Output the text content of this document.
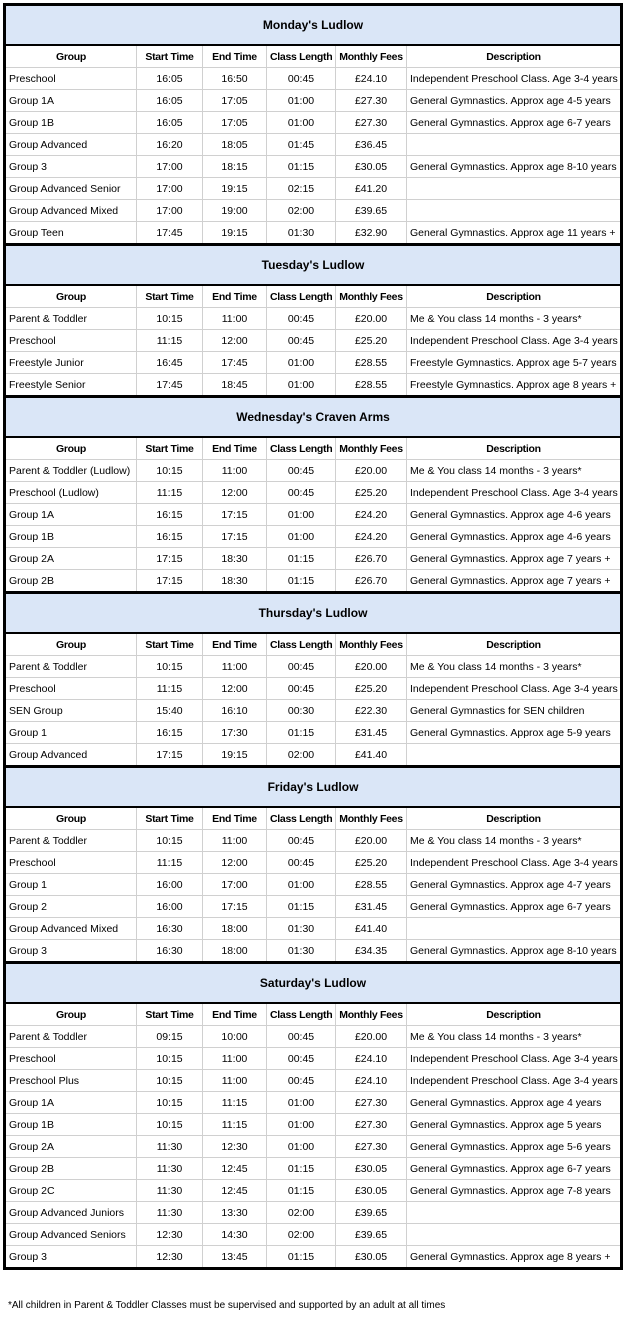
Monday's Ludlow					
Group	Start Time	End Time	Class Length	Monthly Fees	Description
Preschool	16:05	16:50	00:45	£24.10	Independent Preschool Class. Age 3-4 years
Group 1A	16:05	17:05	01:00	£27.30	General Gymnastics. Approx age 4-5 years
Group 1B	16:05	17:05	01:00	£27.30	General Gymnastics. Approx age 6-7 years
Group Advanced	16:20	18:05	01:45	£36.45	
Group 3	17:00	18:15	01:15	£30.05	General Gymnastics. Approx age 8-10 years
Group Advanced Senior	17:00	19:15	02:15	£41.20	
Group Advanced Mixed	17:00	19:00	02:00	£39.65	
Group Teen	17:45	19:15	01:30	£32.90	General Gymnastics. Approx age 11 years +
Tuesday's Ludlow					
Group	Start Time	End Time	Class Length	Monthly Fees	Description
Parent & Toddler	10:15	11:00	00:45	£20.00	Me & You class 14 months - 3 years*
Preschool	11:15	12:00	00:45	£25.20	Independent Preschool Class. Age 3-4 years
Freestyle Junior	16:45	17:45	01:00	£28.55	Freestyle Gymnastics. Approx age 5-7 years
Freestyle Senior	17:45	18:45	01:00	£28.55	Freestyle Gymnastics. Approx age 8 years +
Wednesday's Craven Arms					
Group	Start Time	End Time	Class Length	Monthly Fees	Description
Parent & Toddler (Ludlow)	10:15	11:00	00:45	£20.00	Me & You class 14 months - 3 years*
Preschool (Ludlow)	11:15	12:00	00:45	£25.20	Independent Preschool Class. Age 3-4 years
Group 1A	16:15	17:15	01:00	£24.20	General Gymnastics. Approx age 4-6 years
Group 1B	16:15	17:15	01:00	£24.20	General Gymnastics. Approx age 4-6 years
Group 2A	17:15	18:30	01:15	£26.70	General Gymnastics. Approx age 7 years +
Group 2B	17:15	18:30	01:15	£26.70	General Gymnastics. Approx age 7 years +
Thursday's Ludlow					
Group	Start Time	End Time	Class Length	Monthly Fees	Description
Parent & Toddler	10:15	11:00	00:45	£20.00	Me & You class 14 months - 3 years*
Preschool	11:15	12:00	00:45	£25.20	Independent Preschool Class. Age 3-4 years
SEN Group	15:40	16:10	00:30	£22.30	General Gymnastics for SEN children
Group 1	16:15	17:30	01:15	£31.45	General Gymnastics. Approx age 5-9 years
Group Advanced	17:15	19:15	02:00	£41.40	
Friday's Ludlow					
Group	Start Time	End Time	Class Length	Monthly Fees	Description
Parent & Toddler	10:15	11:00	00:45	£20.00	Me & You class 14 months - 3 years*
Preschool	11:15	12:00	00:45	£25.20	Independent Preschool Class. Age 3-4 years
Group 1	16:00	17:00	01:00	£28.55	General Gymnastics. Approx age 4-7 years
Group 2	16:00	17:15	01:15	£31.45	General Gymnastics. Approx age 6-7 years
Group Advanced Mixed	16:30	18:00	01:30	£41.40	
Group 3	16:30	18:00	01:30	£34.35	General Gymnastics. Approx age 8-10 years
Saturday's Ludlow					
Group	Start Time	End Time	Class Length	Monthly Fees	Description
Parent & Toddler	09:15	10:00	00:45	£20.00	Me & You class 14 months - 3 years*
Preschool	10:15	11:00	00:45	£24.10	Independent Preschool Class. Age 3-4 years
Preschool Plus	10:15	11:00	00:45	£24.10	Independent Preschool Class. Age 3-4 years
Group 1A	10:15	11:15	01:00	£27.30	General Gymnastics. Approx age 4 years
Group 1B	10:15	11:15	01:00	£27.30	General Gymnastics. Approx age 5 years
Group 2A	11:30	12:30	01:00	£27.30	General Gymnastics. Approx age 5-6 years
Group 2B	11:30	12:45	01:15	£30.05	General Gymnastics. Approx age 6-7 years
Group 2C	11:30	12:45	01:15	£30.05	General Gymnastics. Approx age 7-8 years
Group Advanced Juniors	11:30	13:30	02:00	£39.65	
Group Advanced Seniors	12:30	14:30	02:00	£39.65	
Group 3	12:30	13:45	01:15	£30.05	General Gymnastics. Approx age 8 years +
*All children in Parent & Toddler Classes must be supervised and supported by an adult at all times
